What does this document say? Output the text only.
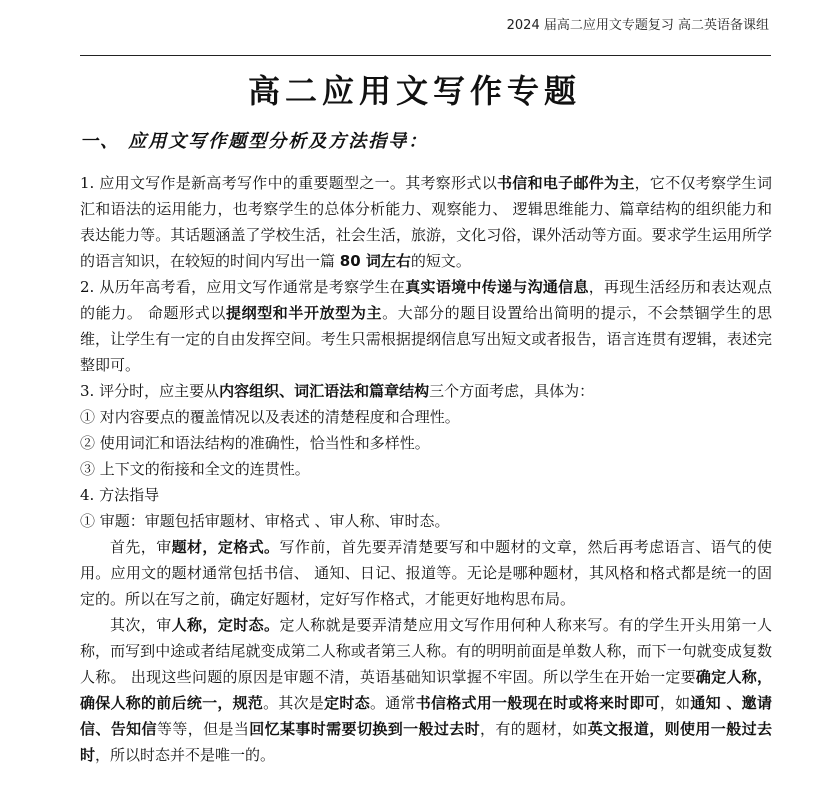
2024 届高二应用文专题复习 高二英语备课组
高二应用文写作专题
一、 应用文写作题型分析及方法指导：

1. 应用文写作是新高考写作中的重要题型之一。其考察形式以书信和电子邮件为主，它不仅考察学生词汇和语法的运用能力，也考察学生的总体分析能力、观察能力、 逻辑思维能力、篇章结构的组织能力和表达能力等。其话题涵盖了学校生活，社会生活，旅游，文化习俗，课外活动等方面。要求学生运用所学的语言知识，在较短的时间内写出一篇 80 词左右的短文。

2. 从历年高考看，应用文写作通常是考察学生在真实语境中传递与沟通信息，再现生活经历和表达观点的能力。 命题形式以提纲型和半开放型为主。大部分的题目设置给出简明的提示，不会禁锢学生的思维，让学生有一定的自由发挥空间。考生只需根据提纲信息写出短文或者报告，语言连贯有逻辑，表述完整即可。

3. 评分时，应主要从内容组织、词汇语法和篇章结构三个方面考虑，具体为：

① 对内容要点的覆盖情况以及表述的清楚程度和合理性。

② 使用词汇和语法结构的准确性，恰当性和多样性。

③ 上下文的衔接和全文的连贯性。

4. 方法指导

① 审题：审题包括审题材、审格式 、审人称、审时态。

首先，审题材，定格式。写作前，首先要弄清楚要写和中题材的文章，然后再考虑语言、语气的使用。应用文的题材通常包括书信、 通知、日记、报道等。无论是哪种题材，其风格和格式都是统一的固定的。所以在写之前，确定好题材，定好写作格式，才能更好地构思布局。

其次，审人称，定时态。定人称就是要弄清楚应用文写作用何种人称来写。有的学生开头用第一人称，而写到中途或者结尾就变成第二人称或者第三人称。有的明明前面是单数人称，而下一句就变成复数人称。 出现这些问题的原因是审题不清，英语基础知识掌握不牢固。所以学生在开始一定要确定人称，确保人称的前后统一，规范。其次是定时态。通常书信格式用一般现在时或将来时即可，如通知 、邀请信、告知信等等，但是当回忆某事时需要切换到一般过去时，有的题材，如英文报道，则使用一般过去时，所以时态并不是唯一的。
